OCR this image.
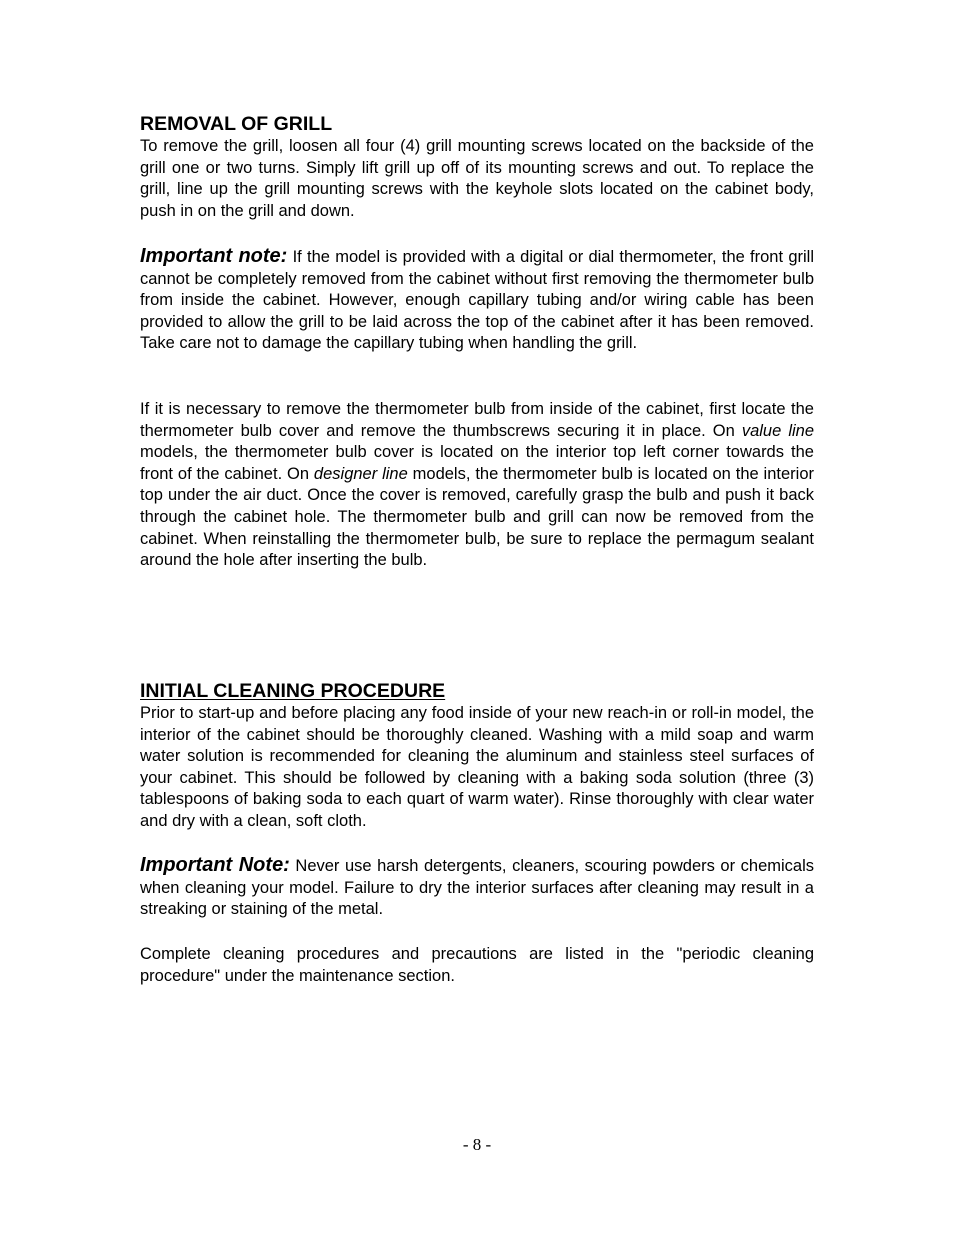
REMOVAL OF GRILL

To remove the grill, loosen all four (4) grill mounting screws located on the backside of the grill one or two turns. Simply lift grill up off of its mounting screws and out. To replace the grill, line up the grill mounting screws with the keyhole slots located on the cabinet body, push in on the grill and down.

Important note: If the model is provided with a digital or dial thermometer, the front grill cannot be completely removed from the cabinet without first removing the thermometer bulb from inside the cabinet. However, enough capillary tubing and/or wiring cable has been provided to allow the grill to be laid across the top of the cabinet after it has been removed. Take care not to damage the capillary tubing when handling the grill.

If it is necessary to remove the thermometer bulb from inside of the cabinet, first locate the thermometer bulb cover and remove the thumbscrews securing it in place. On value line models, the thermometer bulb cover is located on the interior top left corner towards the front of the cabinet. On designer line models, the thermometer bulb is located on the interior top under the air duct. Once the cover is removed, carefully grasp the bulb and push it back through the cabinet hole. The thermometer bulb and grill can now be removed from the cabinet. When reinstalling the thermometer bulb, be sure to replace the permagum sealant around the hole after inserting the bulb.

INITIAL CLEANING PROCEDURE

Prior to start-up and before placing any food inside of your new reach-in or roll-in model, the interior of the cabinet should be thoroughly cleaned. Washing with a mild soap and warm water solution is recommended for cleaning the aluminum and stainless steel surfaces of your cabinet. This should be followed by cleaning with a baking soda solution (three (3) tablespoons of baking soda to each quart of warm water). Rinse thoroughly with clear water and dry with a clean, soft cloth.

Important Note: Never use harsh detergents, cleaners, scouring powders or chemicals when cleaning your model. Failure to dry the interior surfaces after cleaning may result in a streaking or staining of the metal.

Complete cleaning procedures and precautions are listed in the "periodic cleaning procedure" under the maintenance section.

- 8 -
